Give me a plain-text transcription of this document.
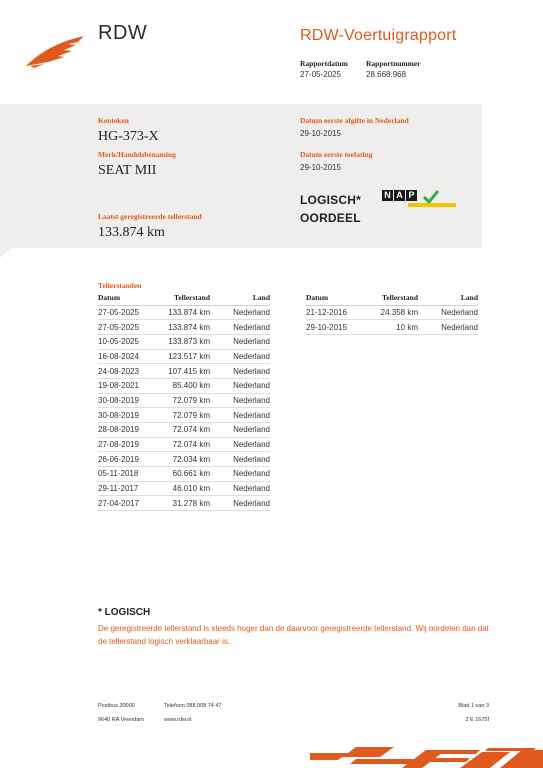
RDW	RDW-Voertuigrapport
Rapportdatum
27-05-2025
Rapportnummer
28.668.968
Kenteken
HG-373-X
Merk/Handelsbenaming
SEAT MII
Laatst geregistreerde tellerstand
133.874 km
Datum eerste afgifte in Nederland
29-10-2015
Datum eerste toelating
29-10-2015
LOGISCH*
OORDEEL
N A P
Tellerstanden
Datum	Tellerstand	Land
27-05-2025	133.874 km	Nederland
27-05-2025	133.874 km	Nederland
10-05-2025	133.873 km	Nederland
16-08-2024	123.517 km	Nederland
24-08-2023	107.415 km	Nederland
19-08-2021	85.400 km	Nederland
30-08-2019	72.079 km	Nederland
30-08-2019	72.079 km	Nederland
28-08-2019	72.074 km	Nederland
27-08-2019	72.074 km	Nederland
26-06-2019	72.034 km	Nederland
05-11-2018	60.661 km	Nederland
29-11-2017	46.010 km	Nederland
27-04-2017	31.278 km	Nederland
Datum	Tellerstand	Land
21-12-2016	24.358 km	Nederland
29-10-2015	10 km	Nederland
* LOGISCH
De geregistreerde tellerstand is steeds hoger dan de daarvoor geregistreerde tellerstand. Wij oordelen dan dat de tellerstand logisch verklaarbaar is.
Postbus 30000
9640 RA Veendam
Telefoon 088 008 74 47
www.rdw.nl
Blad 1 van 3
3 E 1675f
